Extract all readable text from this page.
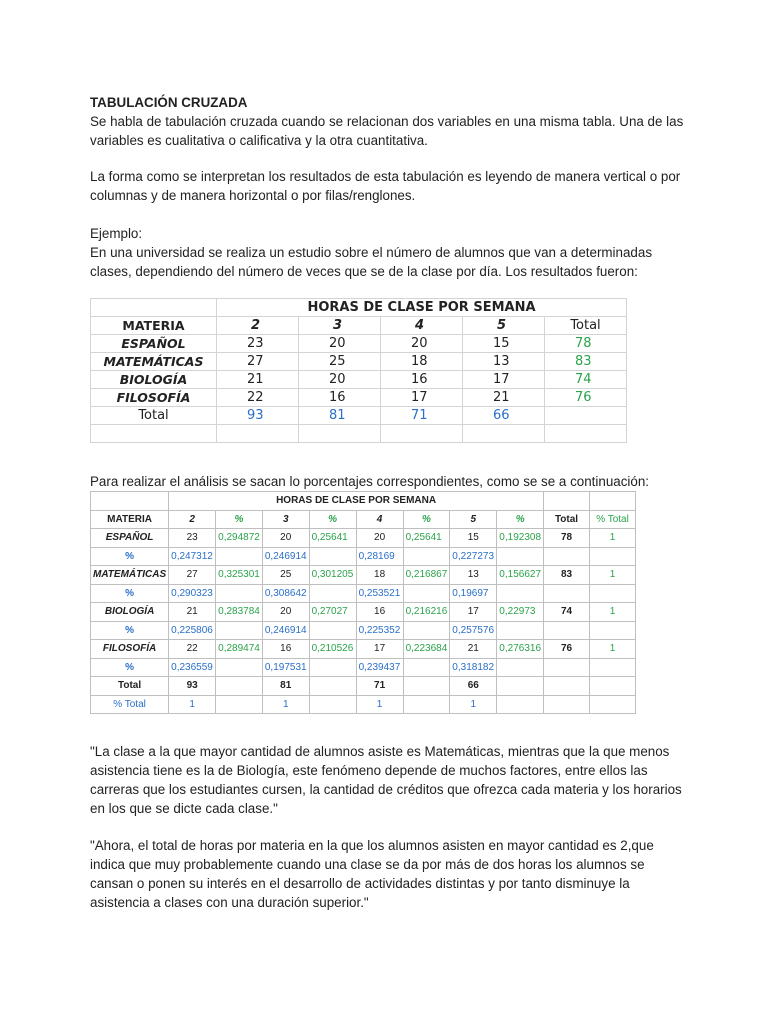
TABULACIÓN CRUZADA

Se habla de tabulación cruzada cuando se relacionan dos variables en una misma tabla. Una de las variables es cualitativa o calificativa y la otra cuantitativa.

La forma como se interpretan los resultados de esta tabulación es leyendo de manera vertical o por columnas y de manera horizontal o por filas/renglones.

Ejemplo:

En una universidad se realiza un estudio sobre el número de alumnos que van a determinadas clases, dependiendo del número de veces que se de la clase por día. Los resultados fueron:

	HORAS DE CLASE POR SEMANA				
MATERIA	2	3	4	5	Total
ESPAÑOL	23	20	20	15	78
MATEMÁTICAS	27	25	18	13	83
BIOLOGÍA	21	20	16	17	74
FILOSOFÍA	22	16	17	21	76
Total	93	81	71	66	

Para realizar el análisis se sacan lo porcentajes correspondientes, como se se a continuación:

	HORAS DE CLASE POR SEMANA									
MATERIA	2	%	3	%	4	%	5	%	Total	% Total
ESPAÑOL	23	0,294872	20	0,25641	20	0,25641	15	0,192308	78	1
%	0,247312		0,246914		0,28169		0,227273			
MATEMÁTICAS	27	0,325301	25	0,301205	18	0,216867	13	0,156627	83	1
%	0,290323		0,308642		0,253521		0,19697			
BIOLOGÍA	21	0,283784	20	0,27027	16	0,216216	17	0,22973	74	1
%	0,225806		0,246914		0,225352		0,257576			
FILOSOFÍA	22	0,289474	16	0,210526	17	0,223684	21	0,276316	76	1
%	0,236559		0,197531		0,239437		0,318182			
Total	93		81		71		66			
% Total	1		1		1		1			

"La clase a la que mayor cantidad de alumnos asiste es Matemáticas, mientras que la que menos asistencia tiene es la de Biología, este fenómeno depende de muchos factores, entre ellos las carreras que los estudiantes cursen, la cantidad de créditos que ofrezca cada materia y los horarios en los que se dicte cada clase."

"Ahora, el total de horas por materia en la que los alumnos asisten en mayor cantidad es 2,que indica que muy probablemente cuando una clase se da por más de dos horas los alumnos se cansan o ponen su interés en el desarrollo de actividades distintas y por tanto disminuye la asistencia a clases con una duración superior."
